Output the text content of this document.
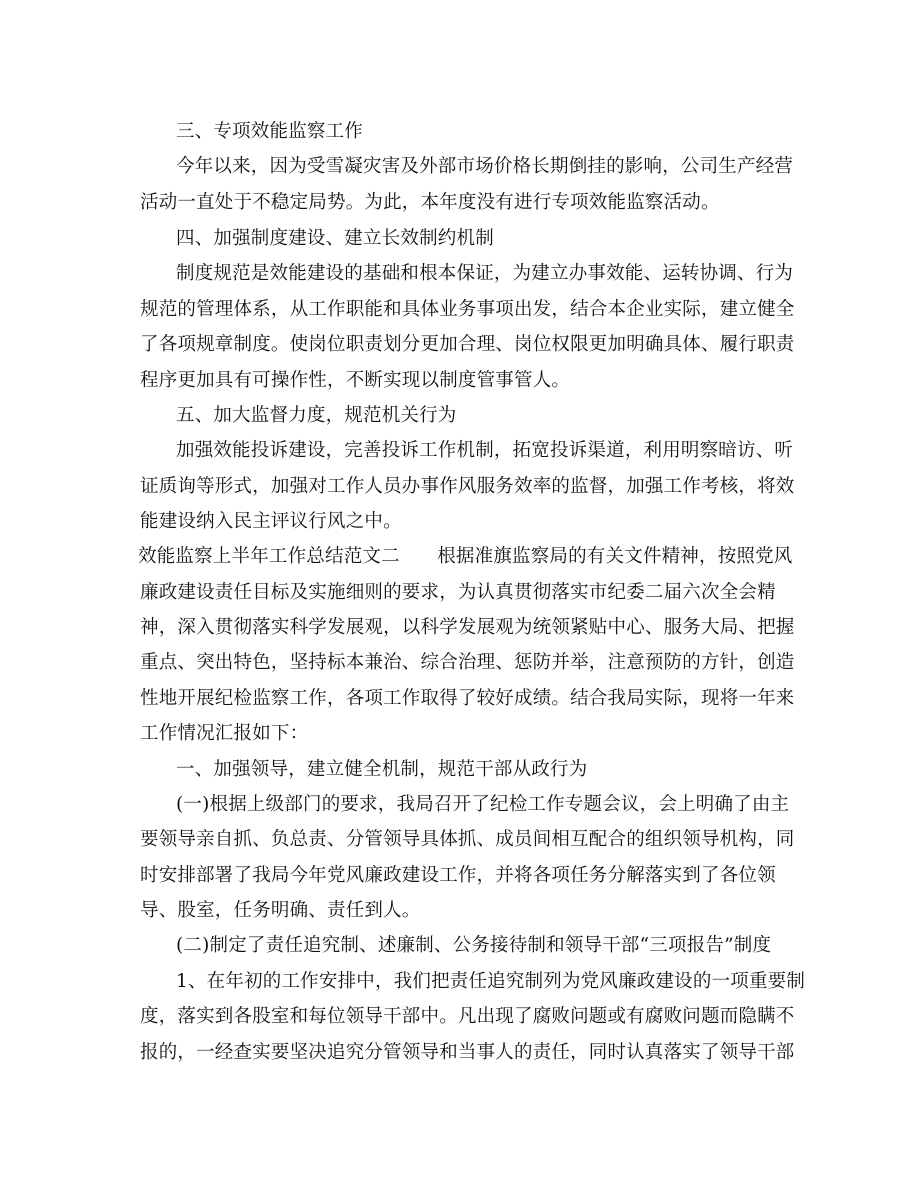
三、专项效能监察工作
今年以来，因为受雪凝灾害及外部市场价格长期倒挂的影响，公司生产经营
活动一直处于不稳定局势。为此，本年度没有进行专项效能监察活动。
四、加强制度建设、建立长效制约机制
制度规范是效能建设的基础和根本保证，为建立办事效能、运转协调、行为
规范的管理体系，从工作职能和具体业务事项出发，结合本企业实际，建立健全
了各项规章制度。使岗位职责划分更加合理、岗位权限更加明确具体、履行职责
程序更加具有可操作性，不断实现以制度管事管人。
五、加大监督力度，规范机关行为
加强效能投诉建设，完善投诉工作机制，拓宽投诉渠道，利用明察暗访、听
证质询等形式，加强对工作人员办事作风服务效率的监督，加强工作考核，将效
能建设纳入民主评议行风之中。
效能监察上半年工作总结范文二　　根据准旗监察局的有关文件精神，按照党风
廉政建设责任目标及实施细则的要求，为认真贯彻落实市纪委二届六次全会精
神，深入贯彻落实科学发展观，以科学发展观为统领紧贴中心、服务大局、把握
重点、突出特色，坚持标本兼治、综合治理、惩防并举，注意预防的方针，创造
性地开展纪检监察工作，各项工作取得了较好成绩。结合我局实际，现将一年来
工作情况汇报如下：
一、加强领导，建立健全机制，规范干部从政行为
(一)根据上级部门的要求，我局召开了纪检工作专题会议，会上明确了由主
要领导亲自抓、负总责、分管领导具体抓、成员间相互配合的组织领导机构，同
时安排部署了我局今年党风廉政建设工作，并将各项任务分解落实到了各位领
导、股室，任务明确、责任到人。
(二)制定了责任追究制、述廉制、公务接待制和领导干部“三项报告”制度
1、在年初的工作安排中，我们把责任追究制列为党风廉政建设的一项重要制
度，落实到各股室和每位领导干部中。凡出现了腐败问题或有腐败问题而隐瞒不
报的，一经查实要坚决追究分管领导和当事人的责任，同时认真落实了领导干部
